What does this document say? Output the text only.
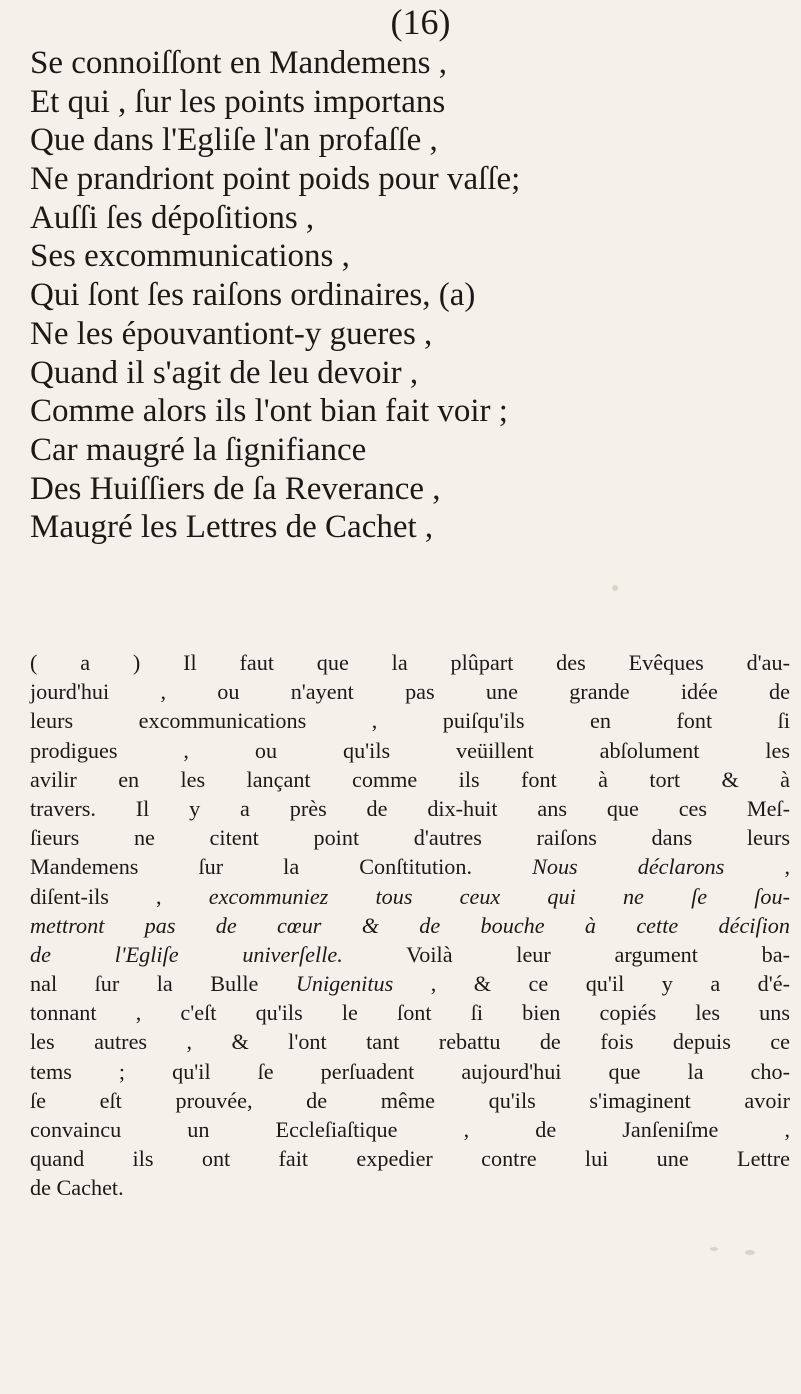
(16)
Se connoiſſont en Mandemens ,
Et qui , ſur les points importans
Que dans l'Egliſe l'an profaſſe ,
Ne prandriont point poids pour vaſſe;
Auſſi ſes dépoſitions ,
Ses excommunications ,
Qui ſont ſes raiſons ordinaires, (a)
Ne les épouvantiont-y gueres ,
Quand il s'agit de leu devoir ,
Comme alors ils l'ont bian fait voir ;
Car maugré la ſignifiance
Des Huiſſiers de ſa Reverance ,
Maugré les Lettres de Cachet ,
( a ) Il faut que la plûpart des Evêques d'au-
jourd'hui , ou n'ayent pas une grande idée de
leurs excommunications , puiſqu'ils en font ſi
prodigues , ou qu'ils veüillent abſolument les
avilir en les lançant comme ils font à tort & à
travers. Il y a près de dix-huit ans que ces Meſ-
ſieurs ne citent point d'autres raiſons dans leurs
Mandemens ſur la Conſtitution. Nous déclarons ,
diſent-ils , excommuniez tous ceux qui ne ſe ſou-
mettront pas de cœur & de bouche à cette déciſion
de l'Egliſe univerſelle. Voilà leur argument ba-
nal ſur la Bulle Unigenitus , & ce qu'il y a d'é-
tonnant , c'eſt qu'ils le ſont ſi bien copiés les uns
les autres , & l'ont tant rebattu de fois depuis ce
tems ; qu'il ſe perſuadent aujourd'hui que la cho-
ſe eſt prouvée, de même qu'ils s'imaginent avoir
convaincu un Eccleſiaſtique , de Janſeniſme ,
quand ils ont fait expedier contre lui une Lettre
de Cachet.
